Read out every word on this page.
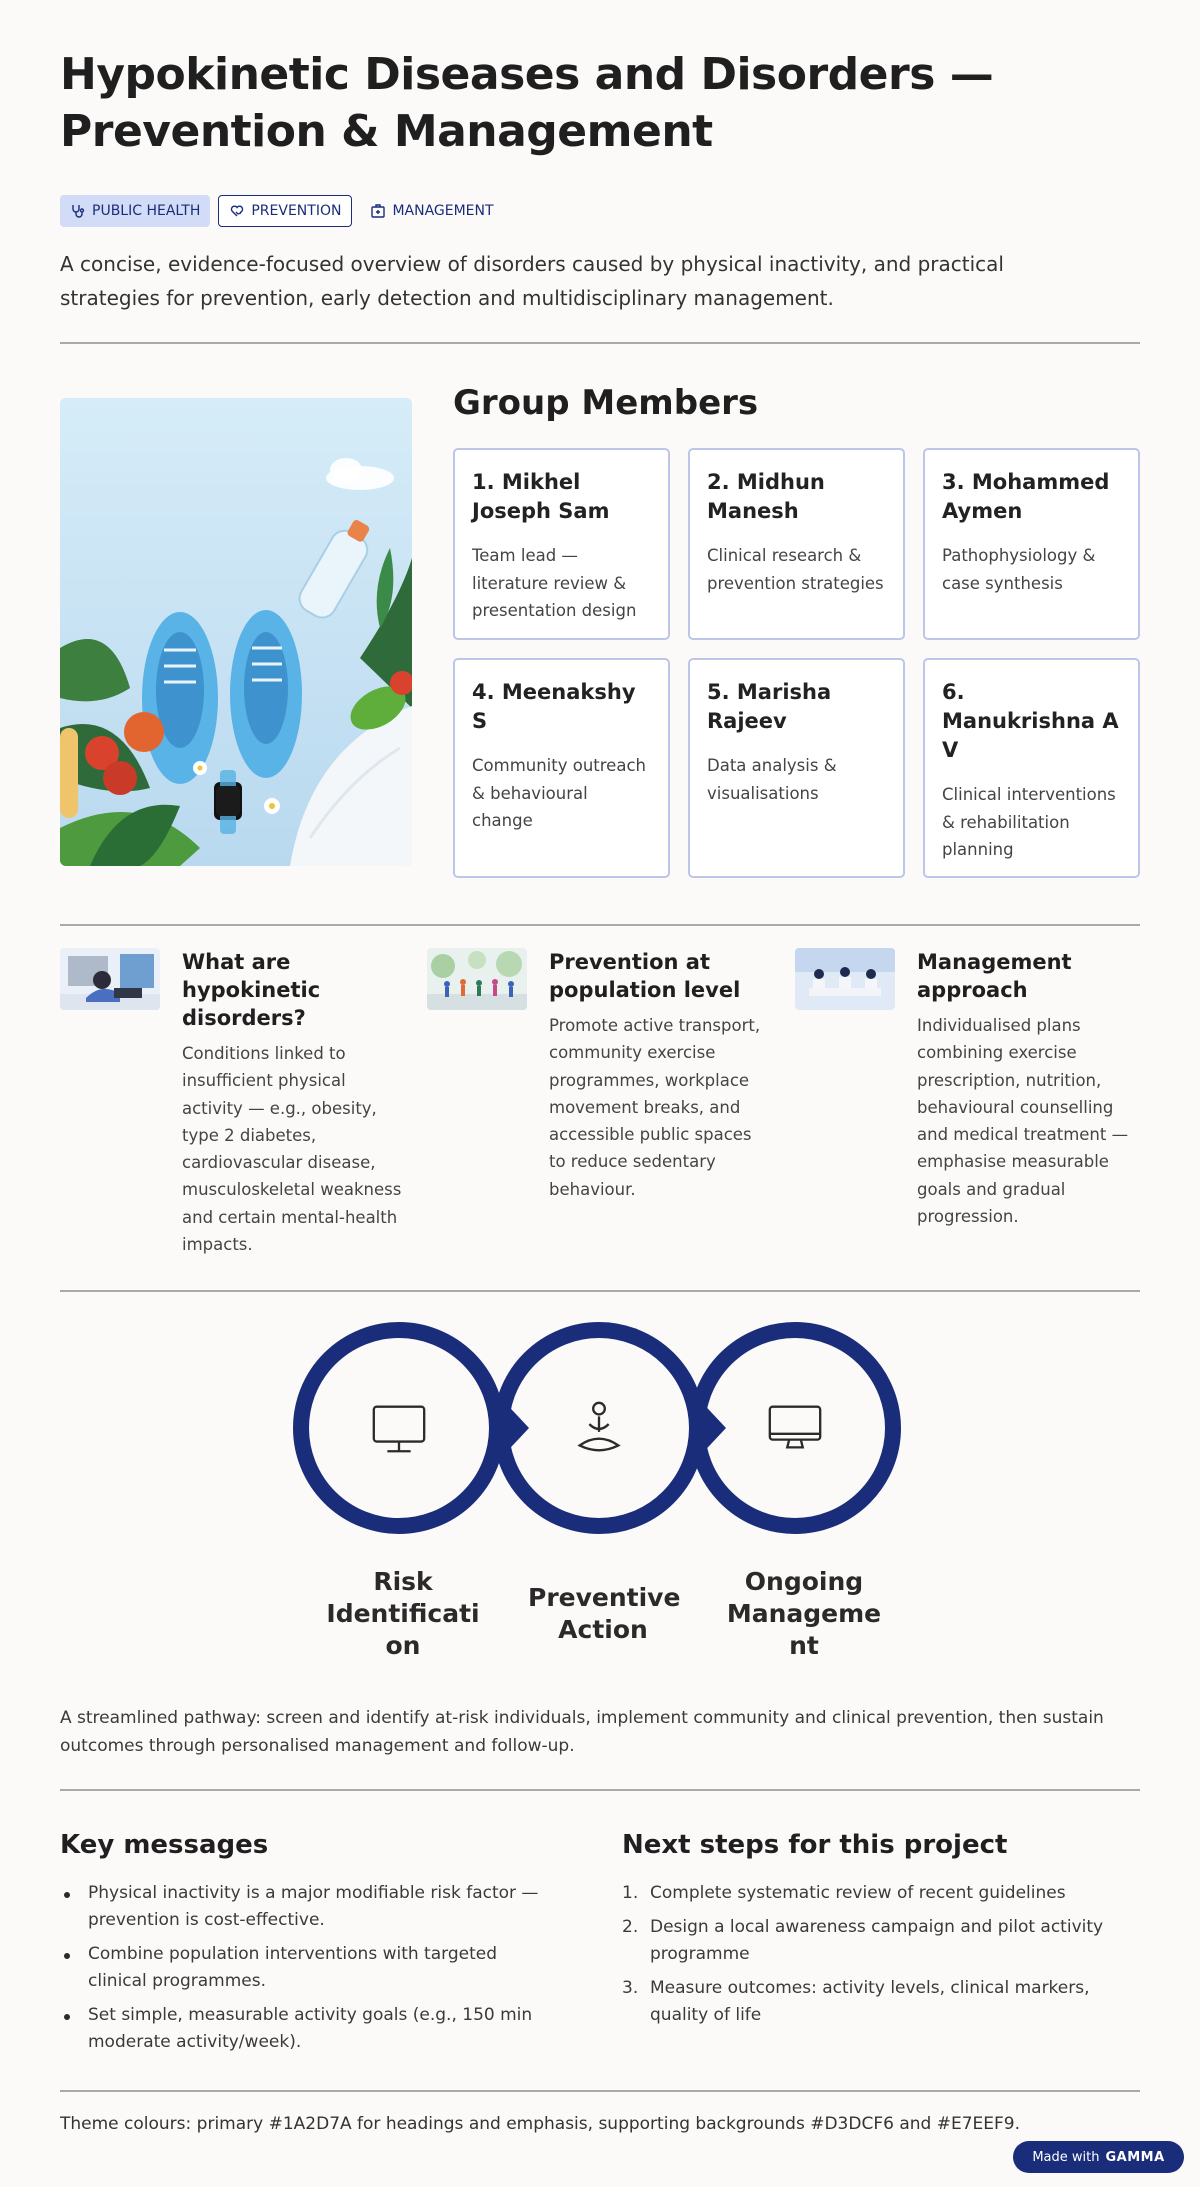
Hypokinetic Diseases and Disorders — Prevention & Management
PUBLIC HEALTH	PREVENTION	MANAGEMENT

A concise, evidence-focused overview of disorders caused by physical inactivity, and practical strategies for prevention, early detection and multidisciplinary management.

Group Members
1. Mikhel Joseph Sam
Team lead — literature review & presentation design
2. Midhun Manesh
Clinical research & prevention strategies
3. Mohammed Aymen
Pathophysiology & case synthesis
4. Meenakshy S
Community outreach & behavioural change
5. Marisha Rajeev
Data analysis & visualisations
6. Manukrishna A V
Clinical interventions & rehabilitation planning
What are hypokinetic disorders?

Conditions linked to insufficient physical activity — e.g., obesity, type 2 diabetes, cardiovascular disease, musculoskeletal weakness and certain mental-health impacts.

Prevention at population level

Promote active transport, community exercise programmes, workplace movement breaks, and accessible public spaces to reduce sedentary behaviour.

Management approach

Individualised plans combining exercise prescription, nutrition, behavioural counselling and medical treatment — emphasise measurable goals and gradual progression.

Risk Identificati on
Preventive Action
Ongoing Manageme nt

A streamlined pathway: screen and identify at-risk individuals, implement community and clinical prevention, then sustain outcomes through personalised management and follow-up.

Key messages
Physical inactivity is a major modifiable risk factor — prevention is cost-effective.
Combine population interventions with targeted clinical programmes.
Set simple, measurable activity goals (e.g., 150 min moderate activity/week).
Next steps for this project
1. Complete systematic review of recent guidelines
2. Design a local awareness campaign and pilot activity programme
3. Measure outcomes: activity levels, clinical markers, quality of life

Theme colours: primary #1A2D7A for headings and emphasis, supporting backgrounds #D3DCF6 and #E7EEF9.

Made with GAMMA
